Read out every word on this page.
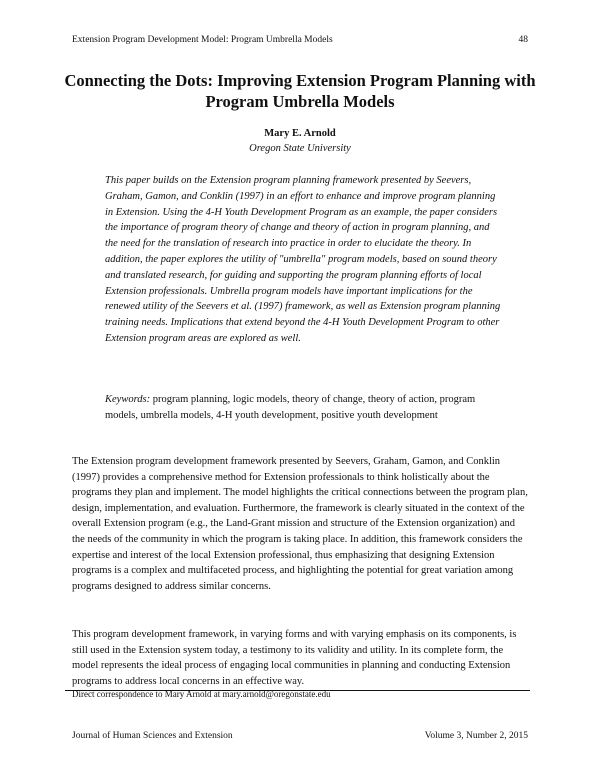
Extension Program Development Model: Program Umbrella Models	48
Connecting the Dots: Improving Extension Program Planning with Program Umbrella Models
Mary E. Arnold
Oregon State University
This paper builds on the Extension program planning framework presented by Seevers, Graham, Gamon, and Conklin (1997) in an effort to enhance and improve program planning in Extension. Using the 4-H Youth Development Program as an example, the paper considers the importance of program theory of change and theory of action in program planning, and the need for the translation of research into practice in order to elucidate the theory. In addition, the paper explores the utility of "umbrella" program models, based on sound theory and translated research, for guiding and supporting the program planning efforts of local Extension professionals. Umbrella program models have important implications for the renewed utility of the Seevers et al. (1997) framework, as well as Extension program planning training needs. Implications that extend beyond the 4-H Youth Development Program to other Extension program areas are explored as well.
Keywords: program planning, logic models, theory of change, theory of action, program models, umbrella models, 4-H youth development, positive youth development
The Extension program development framework presented by Seevers, Graham, Gamon, and Conklin (1997) provides a comprehensive method for Extension professionals to think holistically about the programs they plan and implement. The model highlights the critical connections between the program plan, design, implementation, and evaluation. Furthermore, the framework is clearly situated in the context of the overall Extension program (e.g., the Land-Grant mission and structure of the Extension organization) and the needs of the community in which the program is taking place. In addition, this framework considers the expertise and interest of the local Extension professional, thus emphasizing that designing Extension programs is a complex and multifaceted process, and highlighting the potential for great variation among programs designed to address similar concerns.
This program development framework, in varying forms and with varying emphasis on its components, is still used in the Extension system today, a testimony to its validity and utility. In its complete form, the model represents the ideal process of engaging local communities in planning and conducting Extension programs to address local concerns in an effective way.
Direct correspondence to Mary Arnold at mary.arnold@oregonstate.edu
Journal of Human Sciences and Extension	Volume 3, Number 2, 2015
